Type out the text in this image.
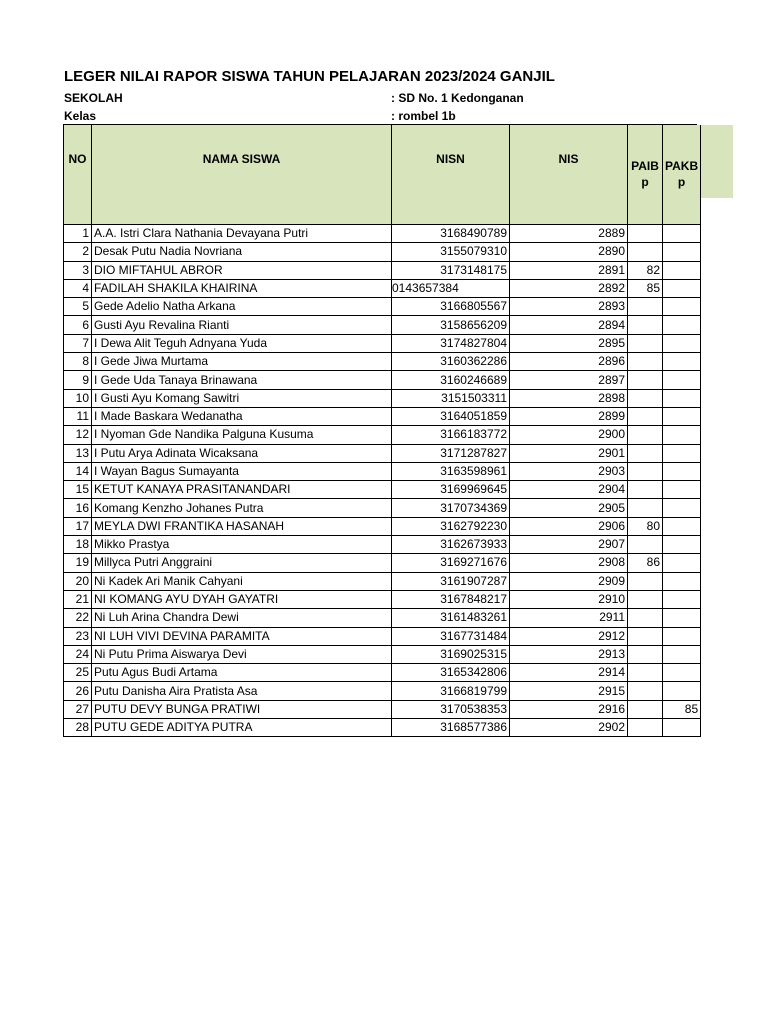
LEGER NILAI RAPOR SISWA TAHUN PELAJARAN 2023/2024 GANJIL
SEKOLAH	: SD No. 1 Kedonganan
Kelas	: rombel 1b
NO	NAMA SISWA	NISN	NIS	PAIB p	PAKB p
1	A.A. Istri Clara Nathania Devayana Putri	3168490789	2889		
2	Desak Putu Nadia Novriana	3155079310	2890		
3	DIO MIFTAHUL ABROR	3173148175	2891	82	
4	FADILAH SHAKILA KHAIRINA	0143657384	2892	85	
5	Gede Adelio Natha Arkana	3166805567	2893		
6	Gusti Ayu Revalina Rianti	3158656209	2894		
7	I Dewa Alit Teguh Adnyana Yuda	3174827804	2895		
8	I Gede Jiwa Murtama	3160362286	2896		
9	I Gede Uda Tanaya Brinawana	3160246689	2897		
10	I Gusti Ayu Komang Sawitri	3151503311	2898		
11	I Made Baskara Wedanatha	3164051859	2899		
12	I Nyoman Gde Nandika Palguna Kusuma	3166183772	2900		
13	I Putu Arya Adinata Wicaksana	3171287827	2901		
14	I Wayan Bagus Sumayanta	3163598961	2903		
15	KETUT KANAYA PRASITANANDARI	3169969645	2904		
16	Komang Kenzho Johanes Putra	3170734369	2905		
17	MEYLA DWI FRANTIKA HASANAH	3162792230	2906	80	
18	Mikko Prastya	3162673933	2907		
19	Millyca Putri Anggraini	3169271676	2908	86	
20	Ni Kadek Ari Manik Cahyani	3161907287	2909		
21	NI KOMANG AYU DYAH GAYATRI	3167848217	2910		
22	Ni Luh Arina Chandra Dewi	3161483261	2911		
23	NI LUH VIVI DEVINA PARAMITA	3167731484	2912		
24	Ni Putu Prima Aiswarya Devi	3169025315	2913		
25	Putu Agus Budi Artama	3165342806	2914		
26	Putu Danisha Aira Pratista Asa	3166819799	2915		
27	PUTU DEVY BUNGA PRATIWI	3170538353	2916		85
28	PUTU GEDE ADITYA PUTRA	3168577386	2902		
